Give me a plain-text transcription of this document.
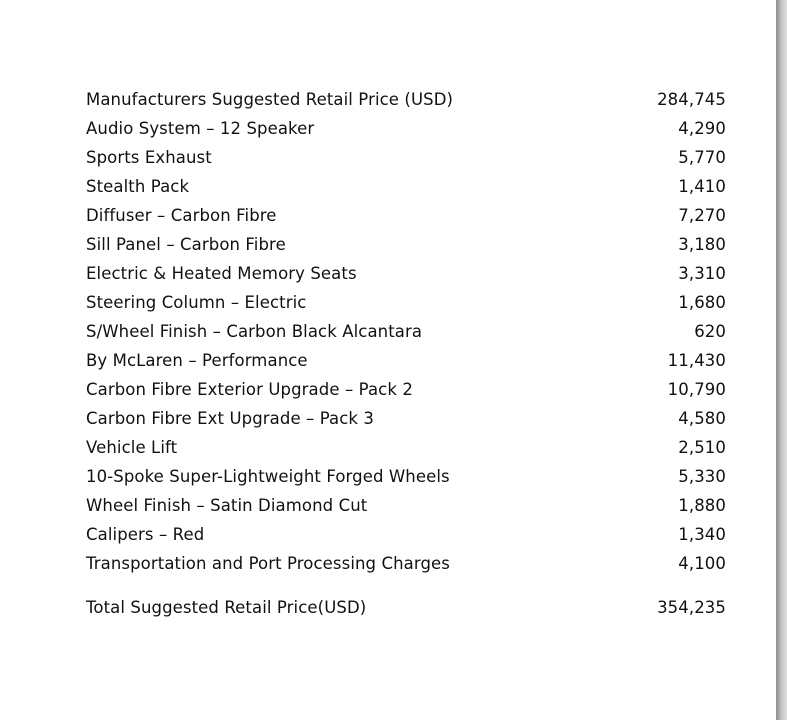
Manufacturers Suggested Retail Price (USD)	284,745
Audio System – 12 Speaker	4,290
Sports Exhaust	5,770
Stealth Pack	1,410
Diffuser – Carbon Fibre	7,270
Sill Panel – Carbon Fibre	3,180
Electric & Heated Memory Seats	3,310
Steering Column – Electric	1,680
S/Wheel Finish – Carbon Black Alcantara	620
By McLaren – Performance	11,430
Carbon Fibre Exterior Upgrade – Pack 2	10,790
Carbon Fibre Ext Upgrade – Pack 3	4,580
Vehicle Lift	2,510
10-Spoke Super-Lightweight Forged Wheels	5,330
Wheel Finish – Satin Diamond Cut	1,880
Calipers – Red	1,340
Transportation and Port Processing Charges	4,100
Total Suggested Retail Price(USD)	354,235
